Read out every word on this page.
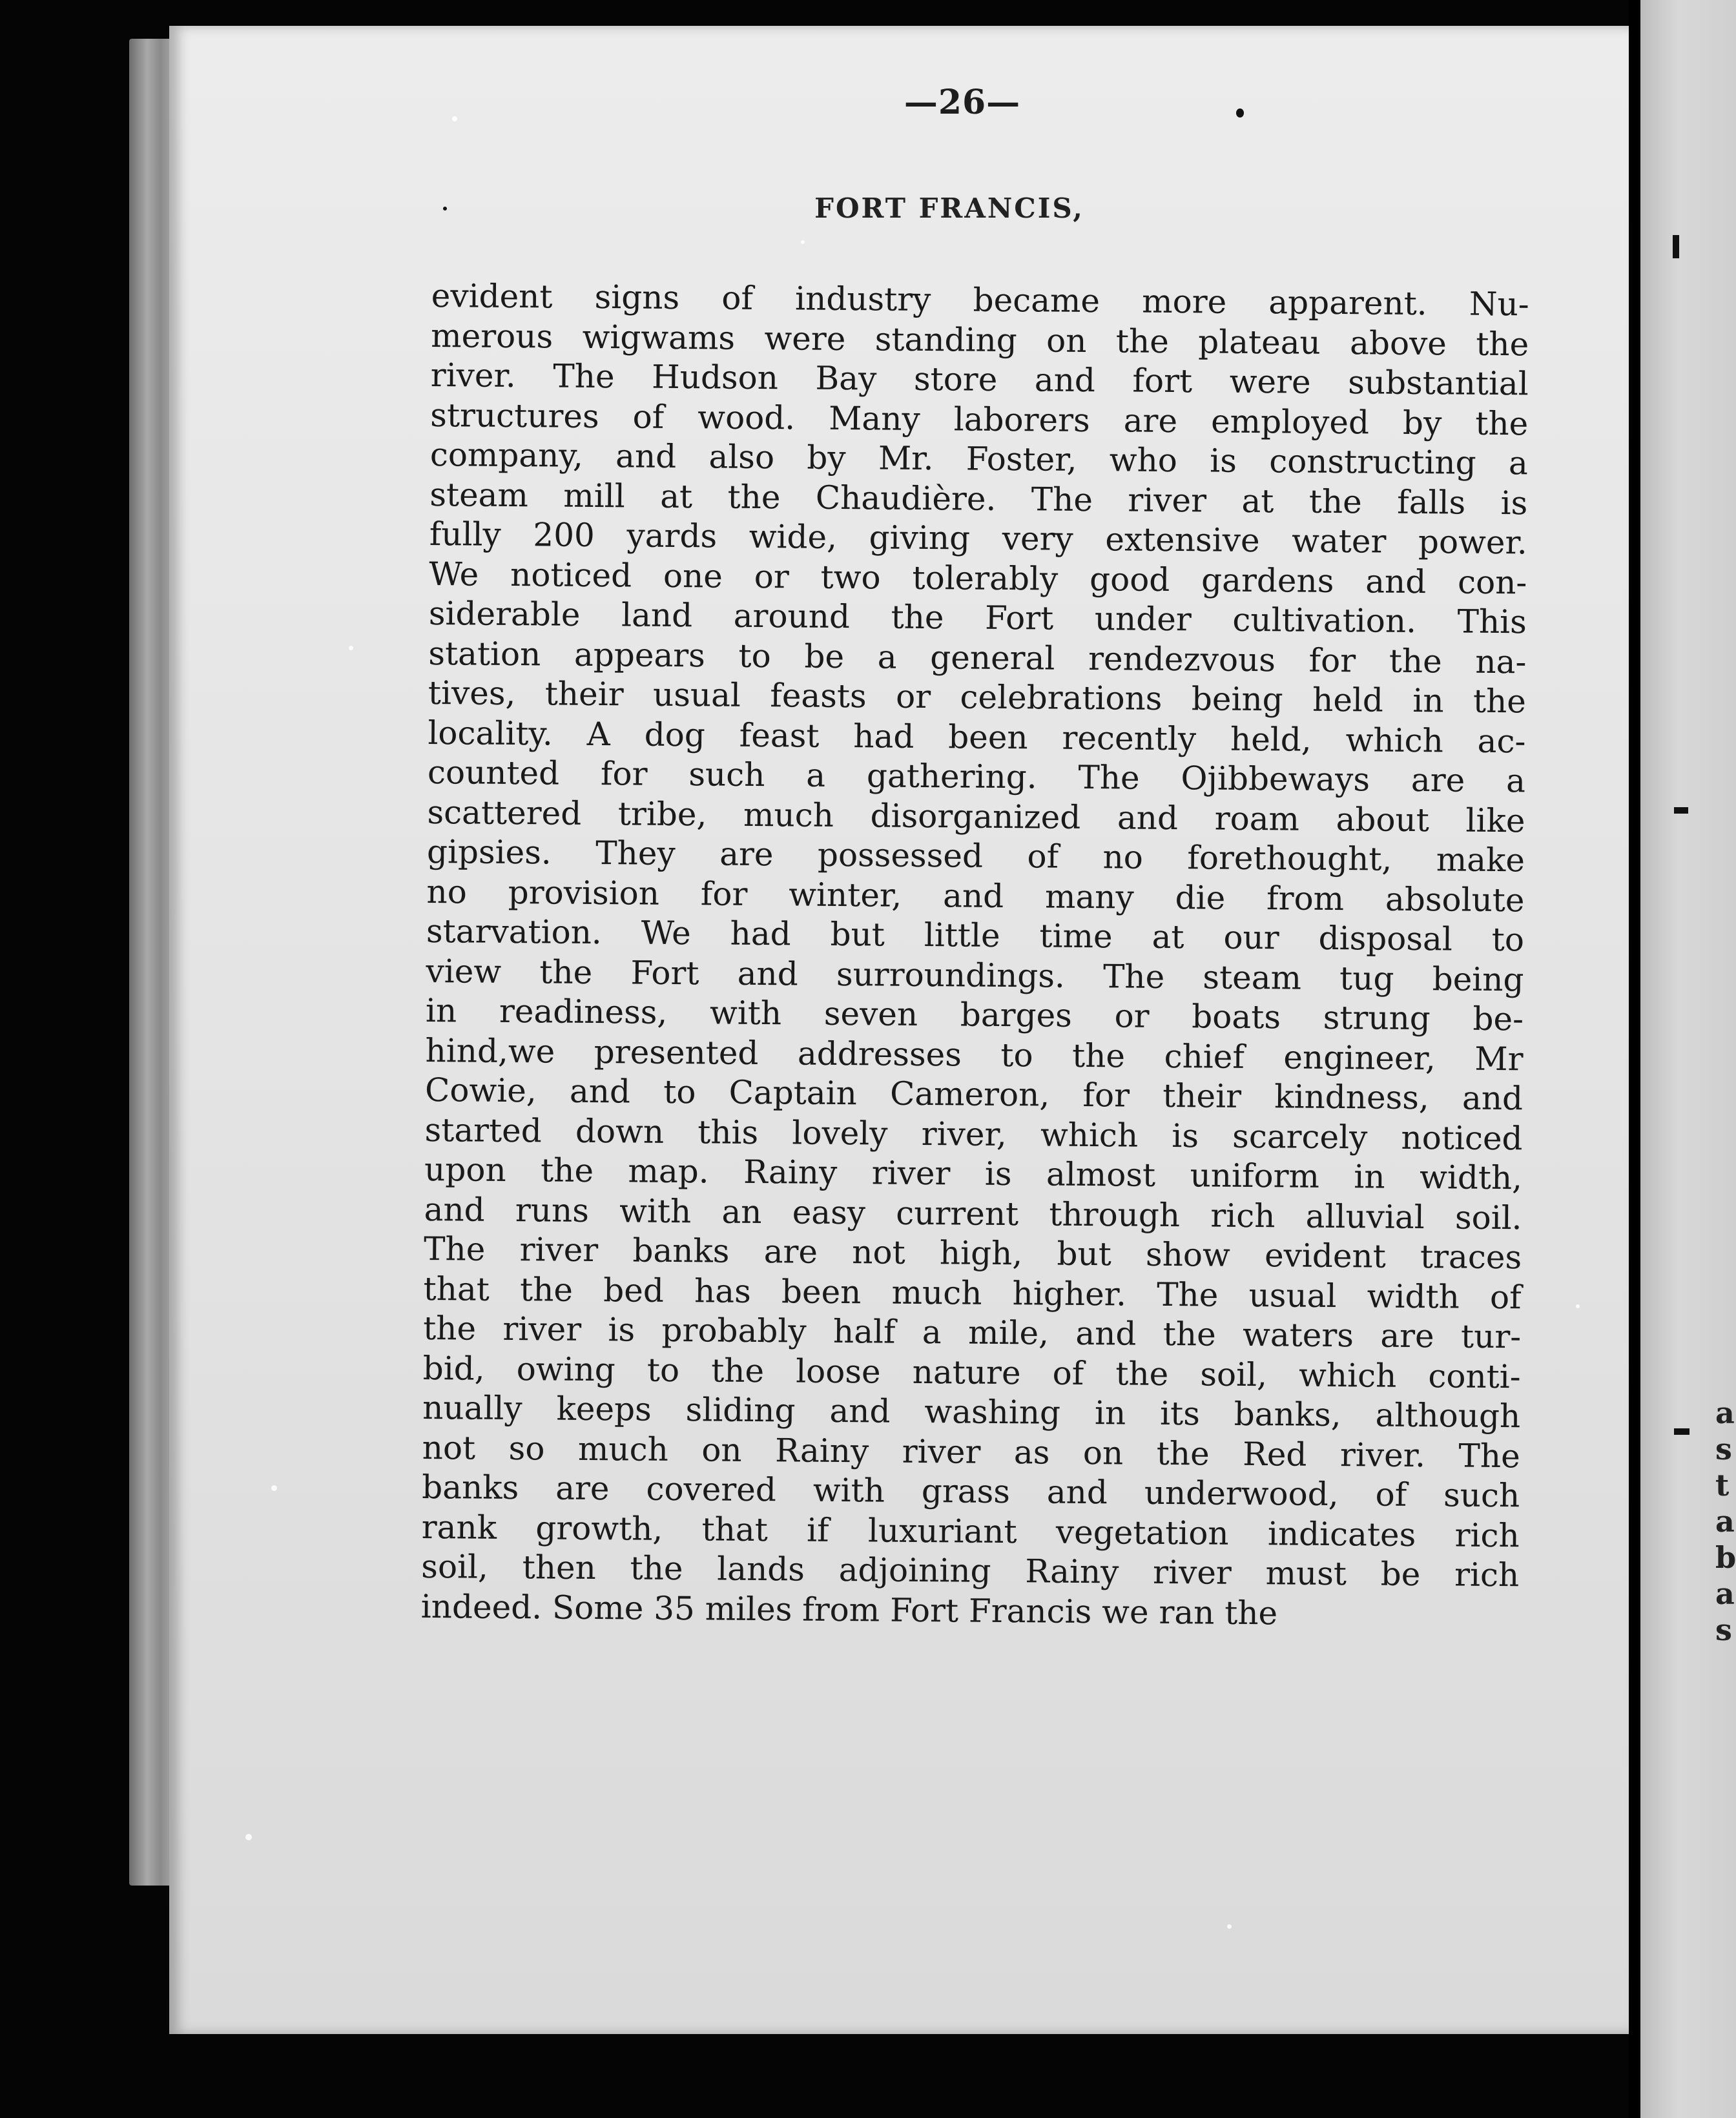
a
s
t
a
b
a
s
—26—
FORT FRANCIS,
evident signs of industry became more apparent. Nu-
merous wigwams were standing on the plateau above the
river. The Hudson Bay store and fort were substantial
structures of wood. Many laborers are employed by the
company, and also by Mr. Foster, who is constructing a
steam mill at the Chaudière. The river at the falls is
fully 200 yards wide, giving very extensive water power.
We noticed one or two tolerably good gardens and con-
siderable land around the Fort under cultivation. This
station appears to be a general rendezvous for the na-
tives, their usual feasts or celebrations being held in the
locality. A dog feast had been recently held, which ac-
counted for such a gathering. The Ojibbeways are a
scattered tribe, much disorganized and roam about like
gipsies. They are possessed of no forethought, make
no provision for winter, and many die from absolute
starvation. We had but little time at our disposal to
view the Fort and surroundings. The steam tug being
in readiness, with seven barges or boats strung be-
hind,we presented addresses to the chief engineer, Mr
Cowie, and to Captain Cameron, for their kindness, and
started down this lovely river, which is scarcely noticed
upon the map. Rainy river is almost uniform in width,
and runs with an easy current through rich alluvial soil.
The river banks are not high, but show evident traces
that the bed has been much higher. The usual width of
the river is probably half a mile, and the waters are tur-
bid, owing to the loose nature of the soil, which conti-
nually keeps sliding and washing in its banks, although
not so much on Rainy river as on the Red river. The
banks are covered with grass and underwood, of such
rank growth, that if luxuriant vegetation indicates rich
soil, then the lands adjoining Rainy river must be rich
indeed. Some 35 miles from Fort Francis we ran the
